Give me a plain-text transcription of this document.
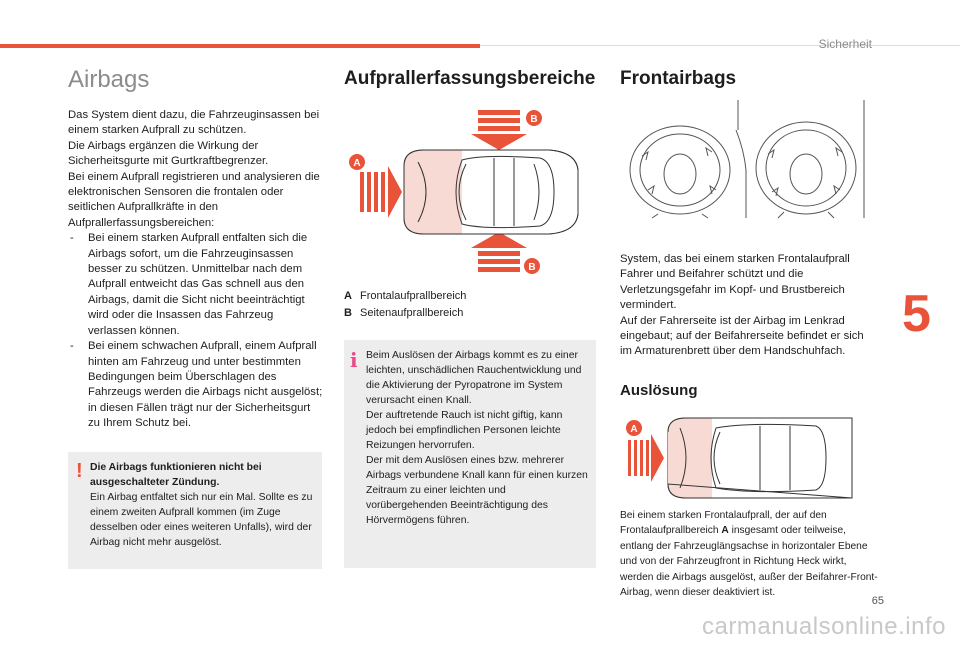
Sicherheit
5
Airbags

Das System dient dazu, die Fahrzeuginsassen bei einem starken Aufprall zu schützen.

Die Airbags ergänzen die Wirkung der Sicherheitsgurte mit Gurtkraftbegrenzer.

Bei einem Aufprall registrieren und analysieren die elektronischen Sensoren die frontalen oder seitlichen Aufprallkräfte in den Aufprallerfassungsbereichen:

- Bei einem starken Aufprall entfalten sich die Airbags sofort, um die Fahrzeuginsassen besser zu schützen. Unmittelbar nach dem Aufprall entweicht das Gas schnell aus den Airbags, damit die Sicht nicht beeinträchtigt wird oder die Insassen das Fahrzeug verlassen können.
- Bei einem schwachen Aufprall, einem Aufprall hinten am Fahrzeug und unter bestimmten Bedingungen beim Überschlagen des Fahrzeugs werden die Airbags nicht ausgelöst; in diesen Fällen trägt nur der Sicherheitsgurt zu Ihrem Schutz bei.
! Die Airbags funktionieren nicht bei ausgeschalteter Zündung.
Ein Airbag entfaltet sich nur ein Mal. Sollte es zu einem zweiten Aufprall kommen (im Zuge desselben oder eines weiteren Unfalls), wird der Airbag nicht mehr ausgelöst.
Aufprallerfassungsbereiche
B
B
A
A Frontalaufprallbereich
B Seitenaufprallbereich
i Beim Auslösen der Airbags kommt es zu einer leichten, unschädlichen Rauchentwicklung und die Aktivierung der Pyropatrone im System verursacht einen Knall.
Der auftretende Rauch ist nicht giftig, kann jedoch bei empfindlichen Personen leichte Reizungen hervorrufen.
Der mit dem Auslösen eines bzw. mehrerer Airbags verbundene Knall kann für einen kurzen Zeitraum zu einer leichten und vorübergehenden Beeinträchtigung des Hörvermögens führen.
Frontairbags

System, das bei einem starken Frontalaufprall Fahrer und Beifahrer schützt und die Verletzungsgefahr im Kopf- und Brustbereich vermindert.

Auf der Fahrerseite ist der Airbag im Lenkrad eingebaut; auf der Beifahrerseite befindet er sich im Armaturenbrett über dem Handschuhfach.

Auslösung
A
Bei einem starken Frontalaufprall, der auf den Frontalaufprallbereich A insgesamt oder teilweise, entlang der Fahrzeuglängsachse in horizontaler Ebene und von der Fahrzeugfront in Richtung Heck wirkt, werden die Airbags ausgelöst, außer der Beifahrer-Front-Airbag, wenn dieser deaktiviert ist.
65
carmanualsonline.info
